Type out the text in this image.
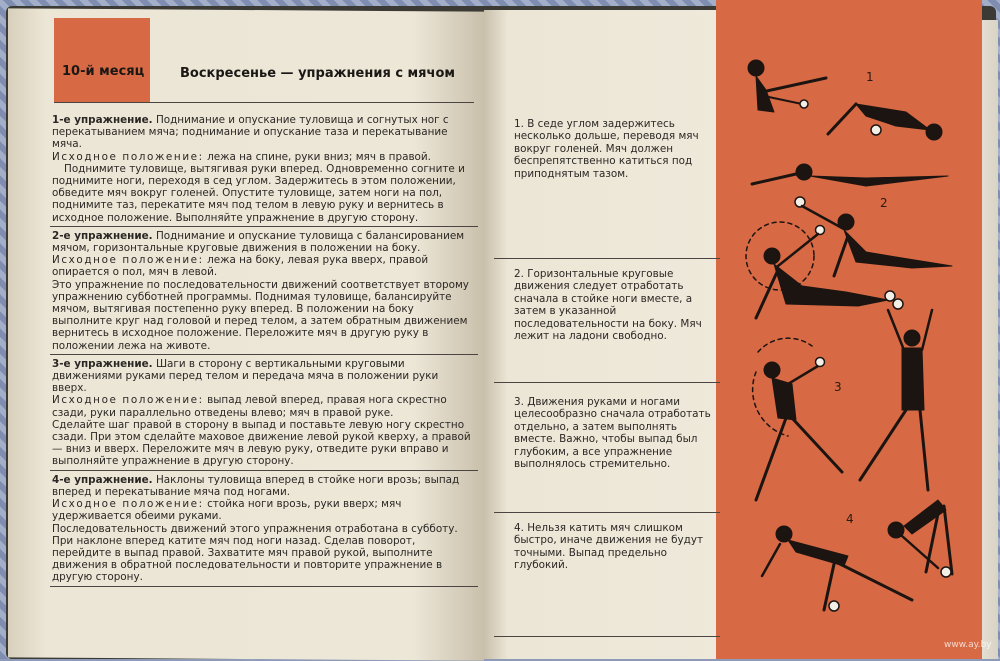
10-й месяц	Воскресенье — упражнения с мячом

1-е упражнение. Поднимание и опускание туловища и согнутых ног с перекатыванием мяча; поднимание и опускание таза и перекатывание мяча.

Исходное положение: лежа на спине, руки вниз; мяч в правой.

Поднимите туловище, вытягивая руки вперед. Одновременно согните и поднимите ноги, переходя в сед углом. Задержитесь в этом положении, обведите мяч вокруг голеней. Опустите туловище, затем ноги на пол, поднимите таз, перекатите мяч под телом в левую руку и вернитесь в исходное положение. Выполняйте упражнение в другую сторону.

2-е упражнение. Поднимание и опускание туловища с балансированием мячом, горизонтальные круговые движения в положении на боку.

Исходное положение: лежа на боку, левая рука вверх, правой опирается о пол, мяч в левой.

Это упражнение по последовательности движений соответствует второму упражнению субботней программы. Поднимая туловище, балансируйте мячом, вытягивая постепенно руку вперед. В положении на боку выполните круг над головой и перед телом, а затем обратным движением вернитесь в исходное положение. Переложите мяч в другую руку в положении лежа на животе.

3-е упражнение. Шаги в сторону с вертикальными круговыми движениями руками перед телом и передача мяча в положении руки вверх.

Исходное положение: выпад левой вперед, правая нога скрестно сзади, руки параллельно отведены влево; мяч в правой руке.

Сделайте шаг правой в сторону в выпад и поставьте левую ногу скрестно сзади. При этом сделайте маховое движение левой рукой кверху, а правой — вниз и вверх. Переложите мяч в левую руку, отведите руки вправо и выполняйте упражнение в другую сторону.

4-е упражнение. Наклоны туловища вперед в стойке ноги врозь; выпад вперед и перекатывание мяча под ногами.

Исходное положение: стойка ноги врозь, руки вверх; мяч удерживается обеими руками.

Последовательность движений этого упражнения отработана в субботу. При наклоне вперед катите мяч под ноги назад. Сделав поворот, перейдите в выпад правой. Захватите мяч правой рукой, выполните движения в обратной последовательности и повторите упражнение в другую сторону.

1. В седе углом задержитесь несколько дольше, переводя мяч вокруг голеней. Мяч должен беспрепятственно катиться под приподнятым тазом.
2. Горизонтальные круговые движения следует отработать сначала в стойке ноги вместе, а затем в указанной последовательности на боку. Мяч лежит на ладони свободно.
3. Движения руками и ногами целесообразно сначала отработать отдельно, а затем выполнять вместе. Важно, чтобы выпад был глубоким, а все упражнение выполнялось стремительно.
4. Нельзя катить мяч слишком быстро, иначе движения не будут точными. Выпад предельно глубокий.
1
2
3
4
www.ay.by
